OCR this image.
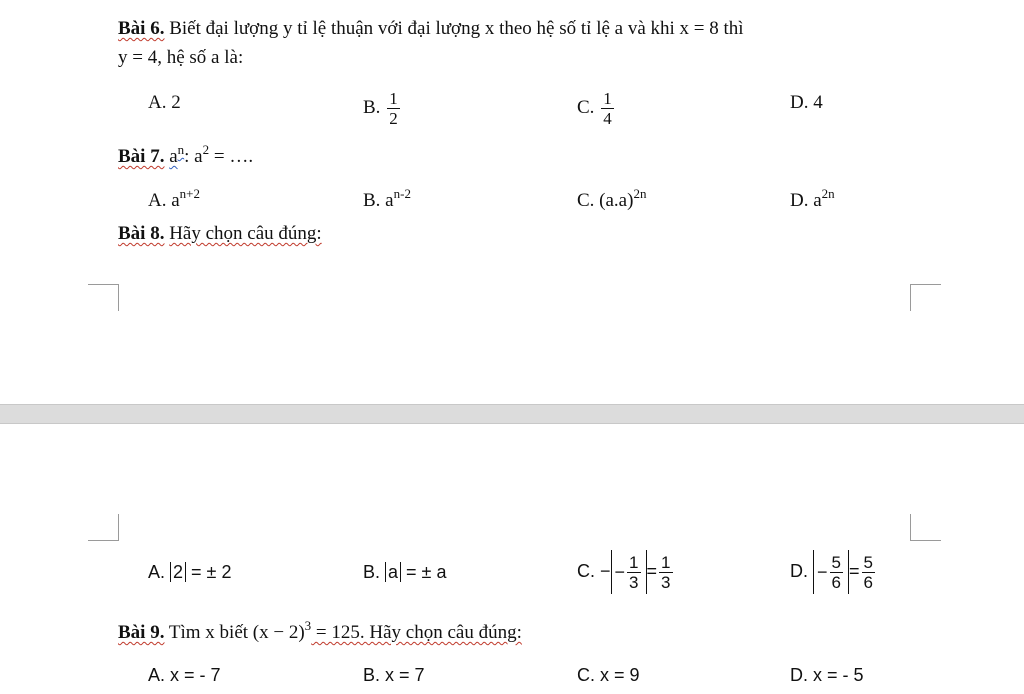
Bài 6. Biết đại lượng y tỉ lệ thuận với đại lượng x theo hệ số tỉ lệ a và khi x = 8 thì
y = 4, hệ số a là:
A. 2	B. $\frac{1}{2}$	C. $\frac{1}{4}$	D. 4
Bài 7. $a^n$: $a^2$ = ….
A. $a^{n+2}$	B. $a^{n-2}$	C. $(a.a)^{2n}$	D. $a^{2n}$
Bài 8. Hãy chọn câu đúng:
A. 2 = ± 2	B. a = ± a	C. − − $\frac{1}{3} = \frac{1}{3}$	D. − $\frac{5}{6} = \frac{5}{6}$
Bài 9. Tìm x biết $(x - 2)^3 = 125$. Hãy chọn câu đúng:
A. x = - 7	B. x = 7	C. x = 9	D. x = - 5
